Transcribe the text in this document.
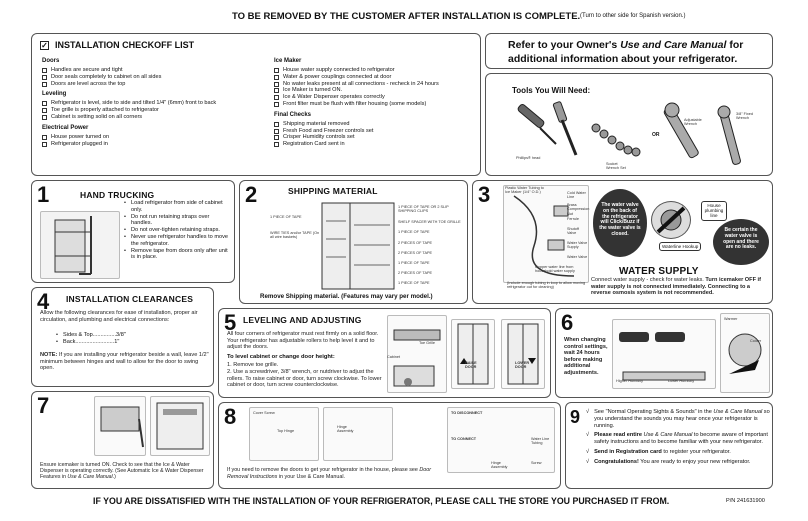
TO BE REMOVED BY THE CUSTOMER AFTER INSTALLATION IS COMPLETE. (Turn to other side for Spanish version.)
✓ INSTALLATION CHECKOFF LIST
Doors
Handles are secure and tight
Door seals completely to cabinet on all sides
Doors are level across the top
Leveling
Refrigerator is level, side to side and tilted 1/4" (6mm) front to back
Toe grille is properly attached to refrigerator
Cabinet is setting solid on all corners
Electrical Power
House power turned on
Refrigerator plugged in
Ice Maker
House water supply connected to refrigerator
Water & power couplings connected at door
No water leaks present at all connections - recheck in 24 hours
Ice Maker is turned ON.
Ice & Water Dispenser operates correctly
Front filter must be flush with filter housing (some models)
Final Checks
Shipping material removed
Fresh Food and Freezer controls set
Crisper Humidity controls set
Registration Card sent in
Refer to your Owner's Use and Care Manual for
additional information about your refrigerator.
Tools You Will Need:
Phillips® head
Socket Wrench Set
OR
Adjustable Wrench
3/8" Fixed Wrench
1	HAND TRUCKING
• Load refrigerator from side of cabinet only.
• Do not run retaining straps over handles.
• Do not over-tighten retaining straps.
• Never use refrigerator handles to move the refrigerator.
• Remove tape from doors only after unit is in place.
2	SHIPPING MATERIAL
1 PIECE OF TAPE
WIRE TIES and/or TAPE (On all wire baskets)
1 PIECE OF TAPE OR 2 SLIP SHIPPING CLIPS
SHELF SPACER WITH TOE GRILLE
1 PIECE OF TAPE
2 PIECES OF TAPE
2 PIECES OF TAPE
1 PIECE OF TAPE
2 PIECES OF TAPE
1 PIECE OF TAPE
Remove Shipping material. (Features may vary per model.)
3	Plastic Water Tubing to Ice Maker (1/4" O.D.)	Cold Water Line
Brass Compression Nut
Ferrule
Shutoff Valve
Water Valve Supply
Water Valve
Copper water line from household water supply
(Include enough tubing in loop to allow moving refrigerator out for cleaning)
The water valve on the back of the refrigerator will Click/Buzz if the water valve is closed.
Waterline Hookup
House plumbing line
Be certain the water valve is open and there are no leaks.
WATER SUPPLY
Connect water supply - check for water leaks. Turn icemaker OFF if water supply is not connected immediately. Connecting to a reverse osmosis system is not recommended.
4 INSTALLATION CLEARANCES
Allow the following clearances for ease of installation, proper air circulation, and plumbing and electrical connections:
• Sides & Top...............3/8"
• Back.........................1"
NOTE: If you are installing your refrigerator beside a wall, leave 1/2" minimum between hinges and wall to allow for the door to swing open.
5 LEVELING AND ADJUSTING
All four corners of refrigerator must rest firmly on a solid floor. Your refrigerator has adjustable rollers to help level it and to adjust the doors.
To level cabinet or change door height:
1. Remove toe grille.
2. Use a screwdriver, 3/8" wrench, or nutdriver to adjust the rollers. To raise cabinet or door, turn screw clockwise. To lower cabinet or door, turn screw counterclockwise.
Toe Grille
Cabinet
RAISE DOOR
LOWER DOOR
6
When changing control settings, wait 24 hours before making additional adjustments.
Higher Humidity	Lower Humidity
Warmer
Colder
7
Ensure icemaker is turned ON. Check to see that the Ice & Water Dispenser is operating correctly. (See Automatic Ice & Water Dispenser Features in Use & Care Manual.)
8	Cover Screw
Top Hinge
Hinge Assembly
TO DISCONNECT
TO CONNECT	Water Line Tubing
Hinge Assembly
Screw
If you need to remove the doors to get your refrigerator in the house, please see Door Removal Instructions in your Use & Care Manual.
9 √ See "Normal Operating Sights & Sounds" in the Use & Care Manual so you understand the sounds you may hear once your refrigerator is running.
√ Please read entire Use & Care Manual to become aware of important safety instructions and to become familiar with your new refrigerator.
√ Send in Registration card to register your refrigerator.
√ Congratulations! You are ready to enjoy your new refrigerator.
IF YOU ARE DISSATISFIED WITH THE INSTALLATION OF YOUR REFRIGERATOR, PLEASE CALL THE STORE YOU PURCHASED IT FROM.	P/N 241631900
